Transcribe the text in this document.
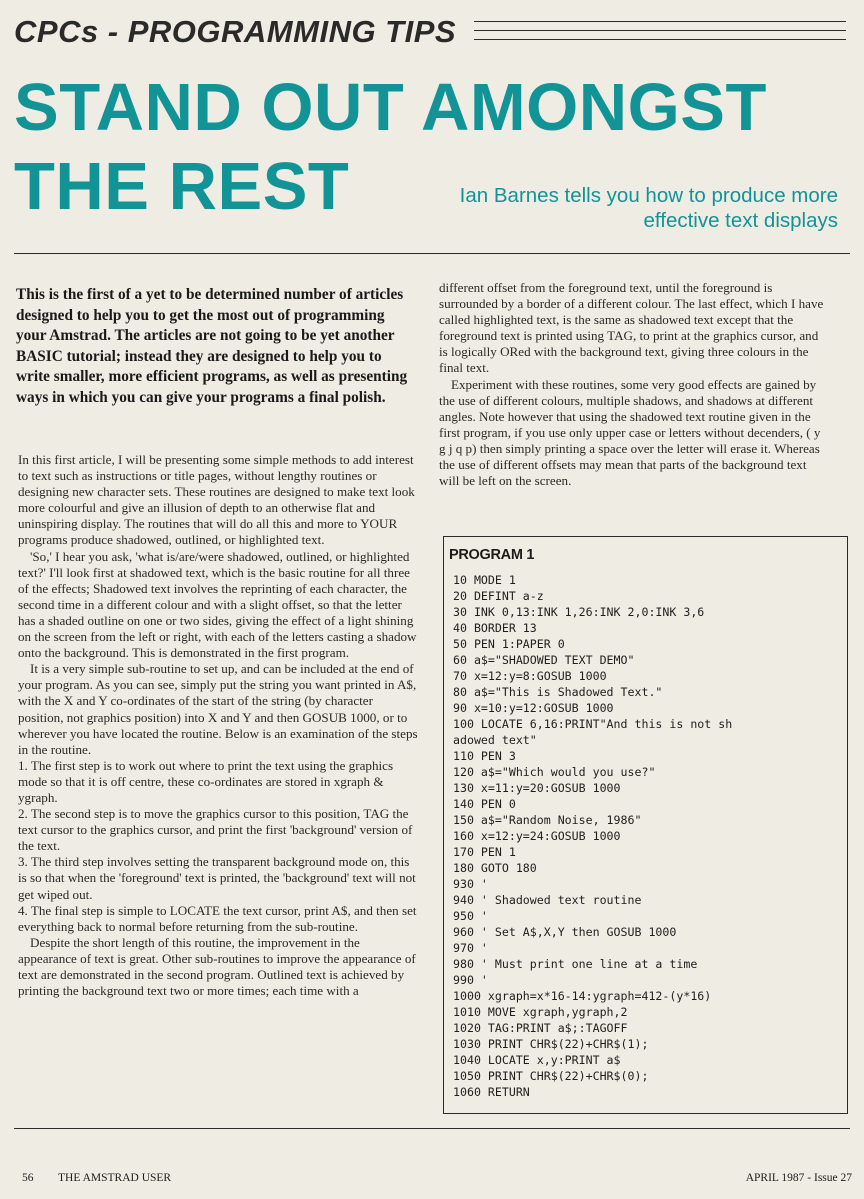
CPCs - PROGRAMMING TIPS
STAND OUT AMONGST
THE REST	Ian Barnes tells you how to produce more
effective text displays
This is the first of a yet to be determined number of articles designed to help you to get the most out of programming your Amstrad. The articles are not going to be yet another BASIC tutorial; instead they are designed to help you to write smaller, more efficient programs, as well as presenting ways in which you can give your programs a final polish.

In this first article, I will be presenting some simple methods to add interest to text such as instructions or title pages, without lengthy routines or designing new character sets. These routines are designed to make text look more colourful and give an illusion of depth to an otherwise flat and uninspiring display. The routines that will do all this and more to YOUR programs produce shadowed, outlined, or highlighted text.

'So,' I hear you ask, 'what is/are/were shadowed, outlined, or highlighted text?' I'll look first at shadowed text, which is the basic routine for all three of the effects; Shadowed text involves the reprinting of each character, the second time in a different colour and with a slight offset, so that the letter has a shaded outline on one or two sides, giving the effect of a light shining on the screen from the left or right, with each of the letters casting a shadow onto the background. This is demonstrated in the first program.

It is a very simple sub-routine to set up, and can be included at the end of your program. As you can see, simply put the string you want printed in A$, with the X and Y co-ordinates of the start of the string (by character position, not graphics position) into X and Y and then GOSUB 1000, or to wherever you have located the routine. Below is an examination of the steps in the routine.

1. The first step is to work out where to print the text using the graphics mode so that it is off centre, these co-ordinates are stored in xgraph & ygraph.

2. The second step is to move the graphics cursor to this position, TAG the text cursor to the graphics cursor, and print the first 'background' version of the text.

3. The third step involves setting the transparent background mode on, this is so that when the 'foreground' text is printed, the 'background' text will not get wiped out.

4. The final step is simple to LOCATE the text cursor, print A$, and then set everything back to normal before returning from the sub-routine.

Despite the short length of this routine, the improvement in the appearance of text is great. Other sub-routines to improve the appearance of text are demonstrated in the second program. Outlined text is achieved by printing the background text two or more times; each time with a

different offset from the foreground text, until the foreground is surrounded by a border of a different colour. The last effect, which I have called highlighted text, is the same as shadowed text except that the foreground text is printed using TAG, to print at the graphics cursor, and is logically ORed with the background text, giving three colours in the final text.

Experiment with these routines, some very good effects are gained by the use of different colours, multiple shadows, and shadows at different angles. Note however that using the shadowed text routine given in the first program, if you use only upper case or letters without decenders, ( y g j q p) then simply printing a space over the letter will erase it. Whereas the use of different offsets may mean that parts of the background text will be left on the screen.

PROGRAM 1
10 MODE 1
20 DEFINT a-z
30 INK 0,13:INK 1,26:INK 2,0:INK 3,6
40 BORDER 13
50 PEN 1:PAPER 0
60 a$="SHADOWED TEXT DEMO"
70 x=12:y=8:GOSUB 1000
80 a$="This is Shadowed Text."
90 x=10:y=12:GOSUB 1000
100 LOCATE 6,16:PRINT"And this is not sh
adowed text"
110 PEN 3
120 a$="Which would you use?"
130 x=11:y=20:GOSUB 1000
140 PEN 0
150 a$="Random Noise, 1986"
160 x=12:y=24:GOSUB 1000
170 PEN 1
180 GOTO 180
930 '
940 ' Shadowed text routine
950 '
960 ' Set A$,X,Y then GOSUB 1000
970 '
980 ' Must print one line at a time
990 '
1000 xgraph=x*16-14:ygraph=412-(y*16)
1010 MOVE xgraph,ygraph,2
1020 TAG:PRINT a$;:TAGOFF
1030 PRINT CHR$(22)+CHR$(1);
1040 LOCATE x,y:PRINT a$
1050 PRINT CHR$(22)+CHR$(0);
1060 RETURN
56 THE AMSTRAD USER	APRIL 1987 - Issue 27
